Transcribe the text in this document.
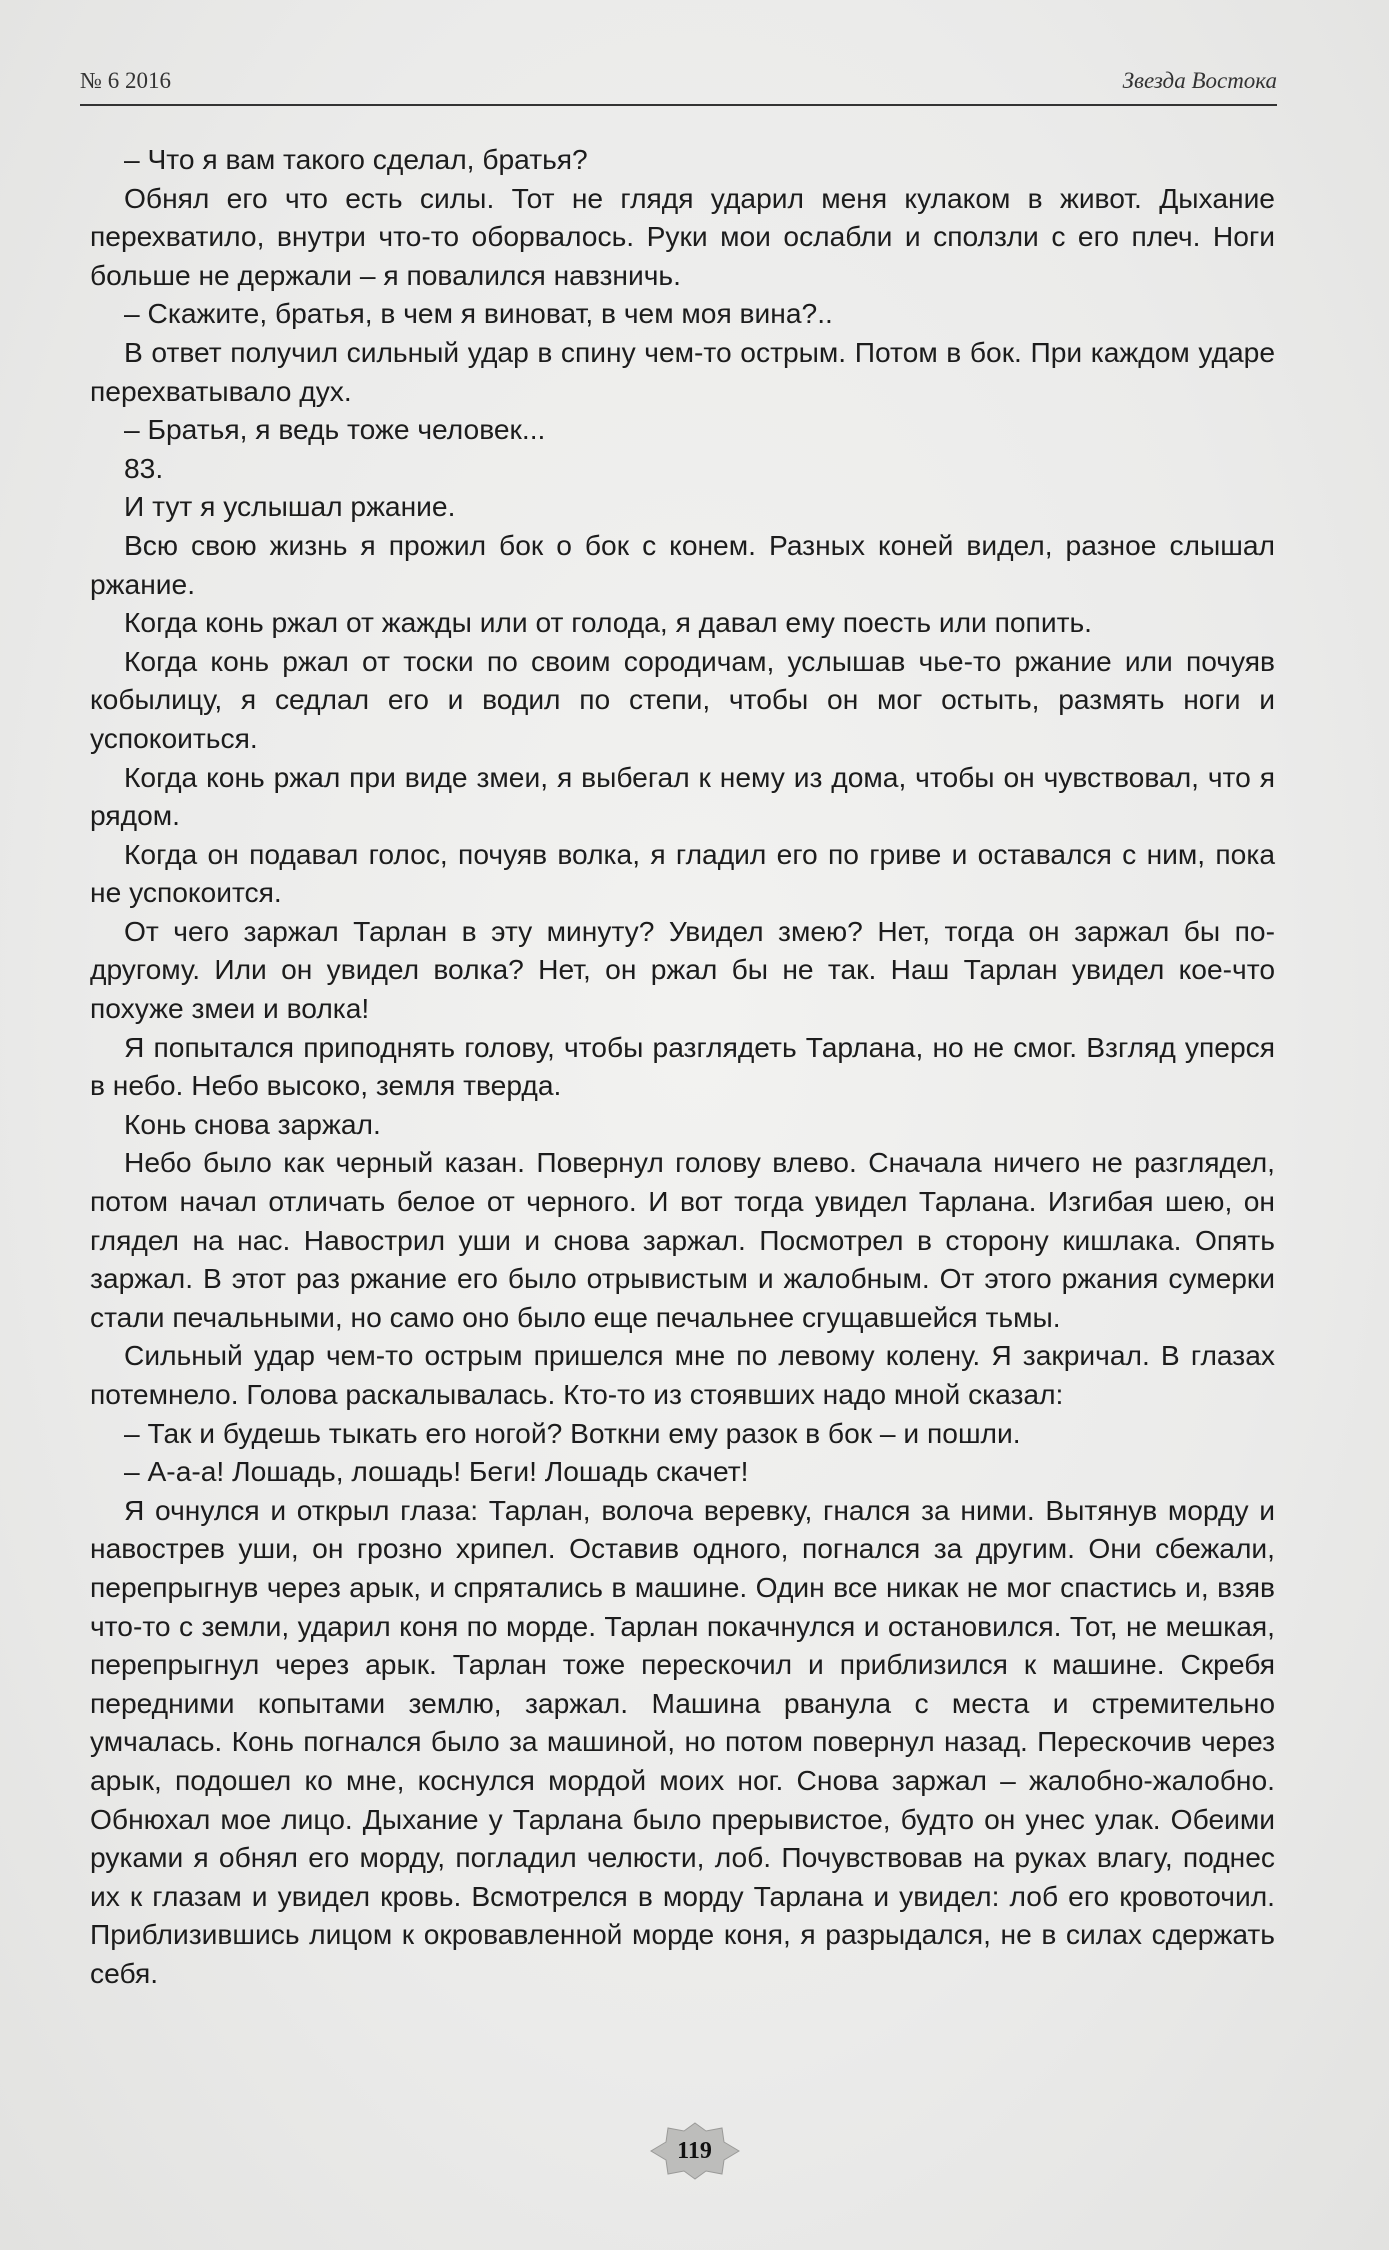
№ 6 2016	Звезда Востока

– Что я вам такого сделал, братья?

Обнял его что есть силы. Тот не глядя ударил меня кулаком в живот. Дыхание перехватило, внутри что-то оборвалось. Руки мои ослабли и сползли с его плеч. Ноги больше не держали – я повалился навзничь.

– Скажите, братья, в чем я виноват, в чем моя вина?..

В ответ получил сильный удар в спину чем-то острым. Потом в бок. При каждом ударе перехватывало дух.

– Братья, я ведь тоже человек...

83.

И тут я услышал ржание.

Всю свою жизнь я прожил бок о бок с конем. Разных коней видел, разное слышал ржание.

Когда конь ржал от жажды или от голода, я давал ему поесть или попить.

Когда конь ржал от тоски по своим сородичам, услышав чье-то ржание или почуяв кобылицу, я седлал его и водил по степи, чтобы он мог остыть, размять ноги и успокоиться.

Когда конь ржал при виде змеи, я выбегал к нему из дома, чтобы он чувствовал, что я рядом.

Когда он подавал голос, почуяв волка, я гладил его по гриве и оставался с ним, пока не успокоится.

От чего заржал Тарлан в эту минуту? Увидел змею? Нет, тогда он заржал бы по-другому. Или он увидел волка? Нет, он ржал бы не так. Наш Тарлан увидел кое-что похуже змеи и волка!

Я попытался приподнять голову, чтобы разглядеть Тарлана, но не смог. Взгляд уперся в небо. Небо высоко, земля тверда.

Конь снова заржал.

Небо было как черный казан. Повернул голову влево. Сначала ничего не разглядел, потом начал отличать белое от черного. И вот тогда увидел Тарлана. Изгибая шею, он глядел на нас. Навострил уши и снова заржал. Посмотрел в сторону кишлака. Опять заржал. В этот раз ржание его было отрывистым и жалобным. От этого ржания сумерки стали печальными, но само оно было еще печальнее сгущавшейся тьмы.

Сильный удар чем-то острым пришелся мне по левому колену. Я закричал. В глазах потемнело. Голова раскалывалась. Кто-то из стоявших надо мной сказал:

– Так и будешь тыкать его ногой? Воткни ему разок в бок – и пошли.

– А-а-а! Лошадь, лошадь! Беги! Лошадь скачет!

Я очнулся и открыл глаза: Тарлан, волоча веревку, гнался за ними. Вытянув морду и навострев уши, он грозно хрипел. Оставив одного, погнался за другим. Они сбежали, перепрыгнув через арык, и спрятались в машине. Один все никак не мог спастись и, взяв что-то с земли, ударил коня по морде. Тарлан покачнулся и остановился. Тот, не мешкая, перепрыгнул через арык. Тарлан тоже перескочил и приблизился к машине. Скребя передними копытами землю, заржал. Машина рванула с места и стремительно умчалась. Конь погнался было за машиной, но потом повернул назад. Перескочив через арык, подошел ко мне, коснулся мордой моих ног. Снова заржал – жалобно-жалобно. Обнюхал мое лицо. Дыхание у Тарлана было прерывистое, будто он унес улак. Обеими руками я обнял его морду, погладил челюсти, лоб. Почувствовав на руках влагу, поднес их к глазам и увидел кровь. Всмотрелся в морду Тарлана и увидел: лоб его кровоточил. Приблизившись лицом к окровавленной морде коня, я разрыдался, не в силах сдержать себя.

119
